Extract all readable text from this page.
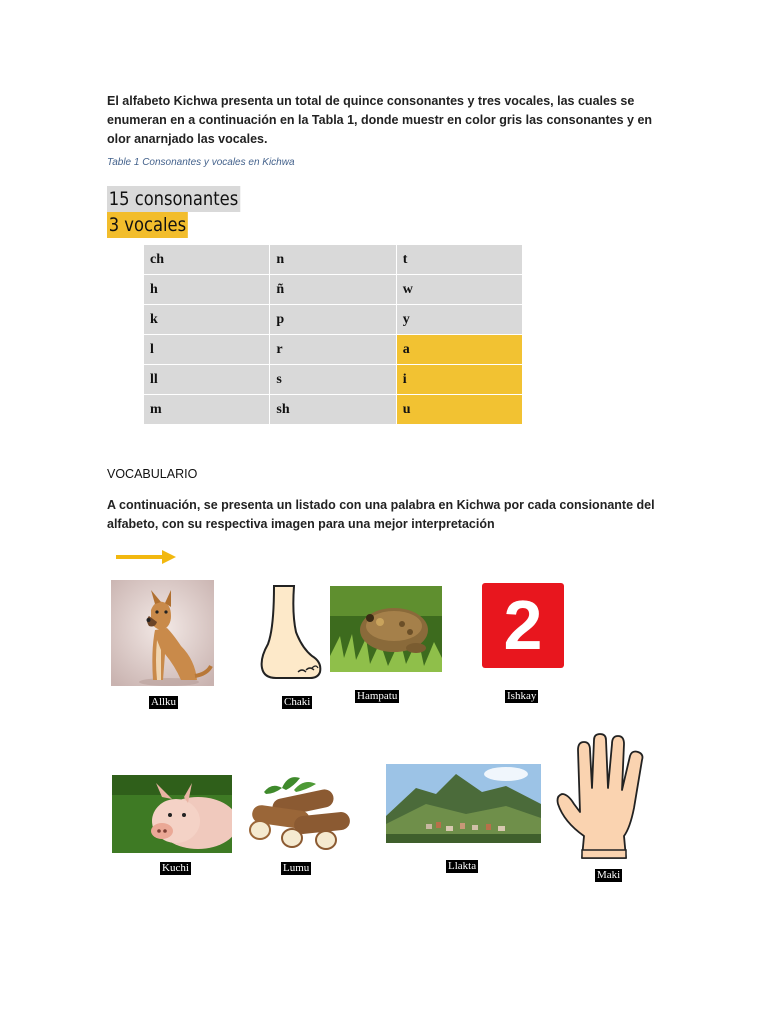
El alfabeto Kichwa presenta un total de quince consonantes y tres vocales, las cuales se enumeran en a continuación en la Tabla 1, donde muestr en color gris las consonantes y en olor anarnjado las vocales.
Table 1 Consonantes y vocales en Kichwa
15 consonantes
3 vocales
ch	n	t
h	ñ	w
k	p	y
l	r	a
ll	s	i
m	sh	u
VOCABULARIO
A continuación, se presenta un listado con una palabra en Kichwa por cada consionante del alfabeto, con su respectiva imagen para una mejor interpretación
Allku	Chaki	Hampatu
2
Ishkay
Kuchi	Lumu	Llakta
Maki
